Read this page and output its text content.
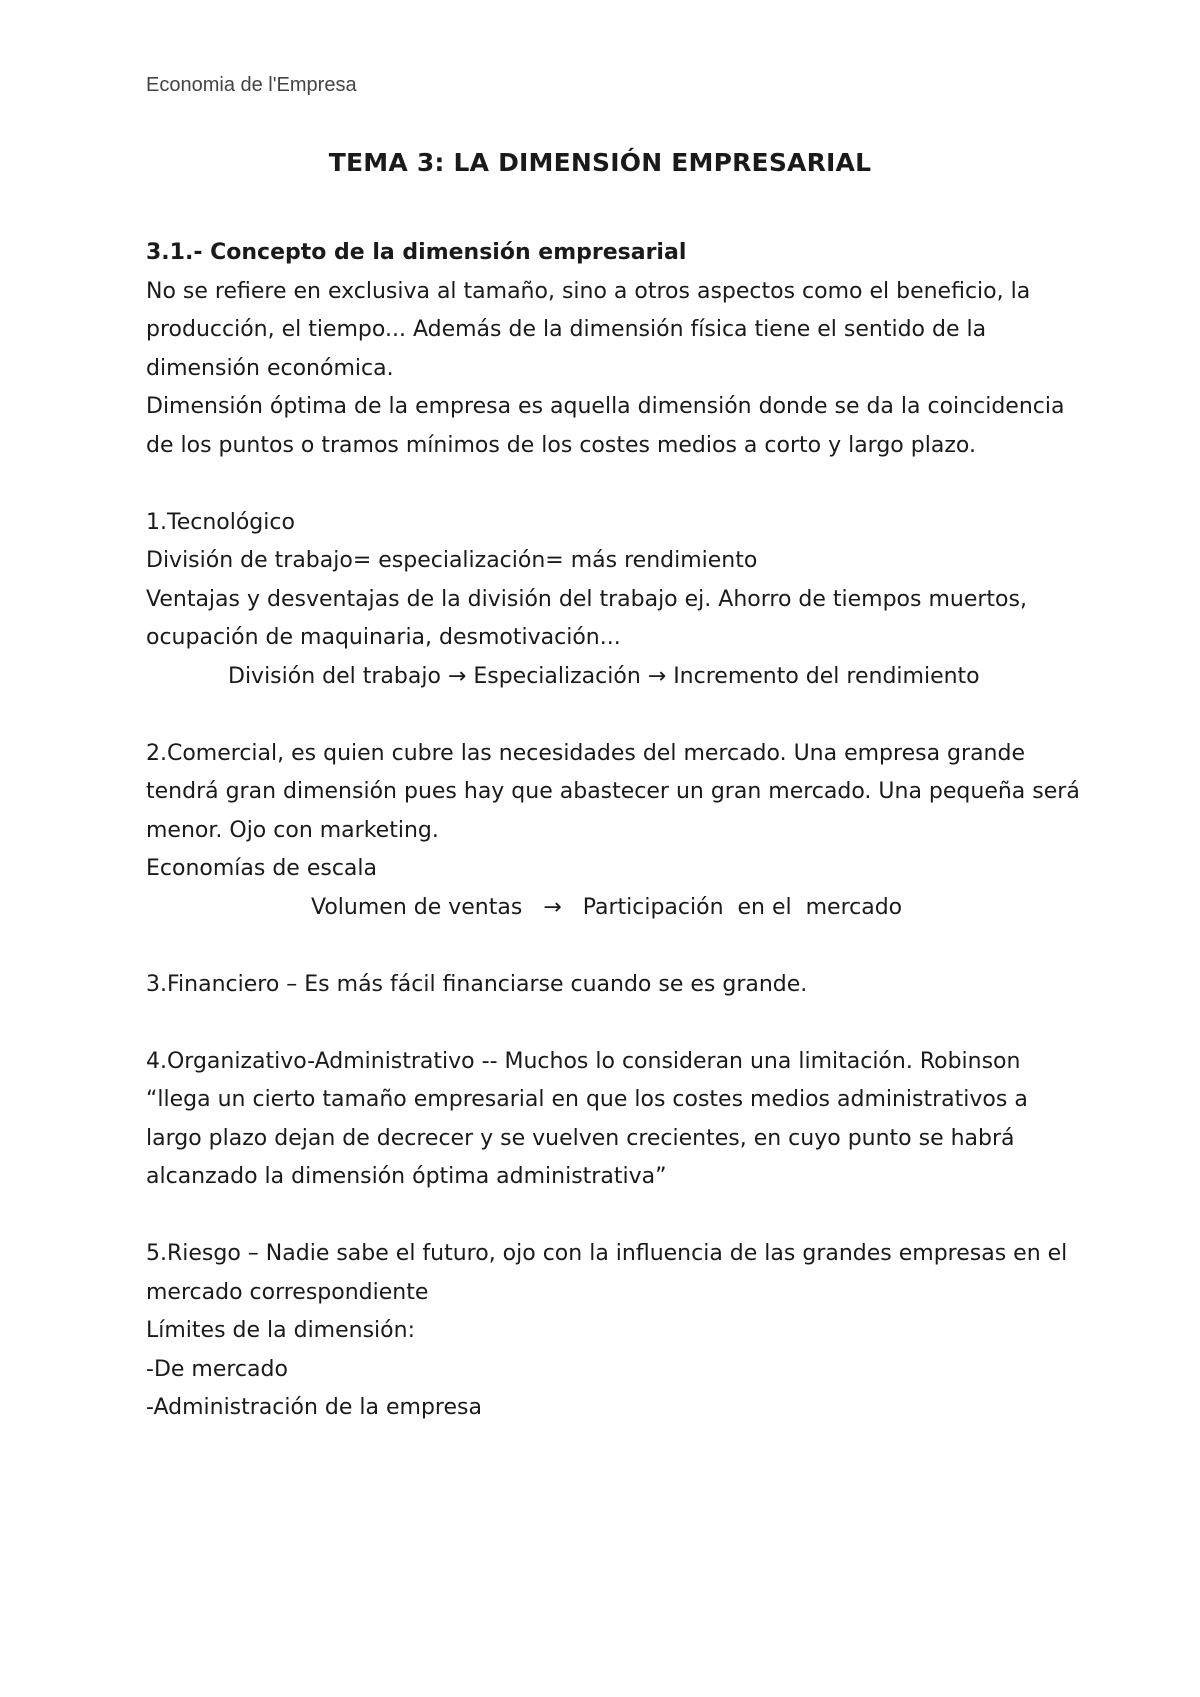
Economia de l'Empresa
TEMA 3: LA DIMENSIÓN EMPRESARIAL
3.1.- Concepto de la dimensión empresarial
No se refiere en exclusiva al tamaño, sino a otros aspectos como el beneficio, la
producción, el tiempo... Además de la dimensión física tiene el sentido de la
dimensión económica.
Dimensión óptima de la empresa es aquella dimensión donde se da la coincidencia
de los puntos o tramos mínimos de los costes medios a corto y largo plazo.
1.Tecnológico
División de trabajo= especialización= más rendimiento
Ventajas y desventajas de la división del trabajo ej. Ahorro de tiempos muertos,
ocupación de maquinaria, desmotivación...
División del trabajo → Especialización → Incremento del rendimiento
2.Comercial, es quien cubre las necesidades del mercado. Una empresa grande
tendrá gran dimensión pues hay que abastecer un gran mercado. Una pequeña será
menor. Ojo con marketing.
Economías de escala
Volumen de ventas   →   Participación  en el  mercado
3.Financiero – Es más fácil financiarse cuando se es grande.
4.Organizativo-Administrativo -- Muchos lo consideran una limitación. Robinson
“llega un cierto tamaño empresarial en que los costes medios administrativos a
largo plazo dejan de decrecer y se vuelven crecientes, en cuyo punto se habrá
alcanzado la dimensión óptima administrativa”
5.Riesgo – Nadie sabe el futuro, ojo con la influencia de las grandes empresas en el
mercado correspondiente
Límites de la dimensión:
-De mercado
-Administración de la empresa
